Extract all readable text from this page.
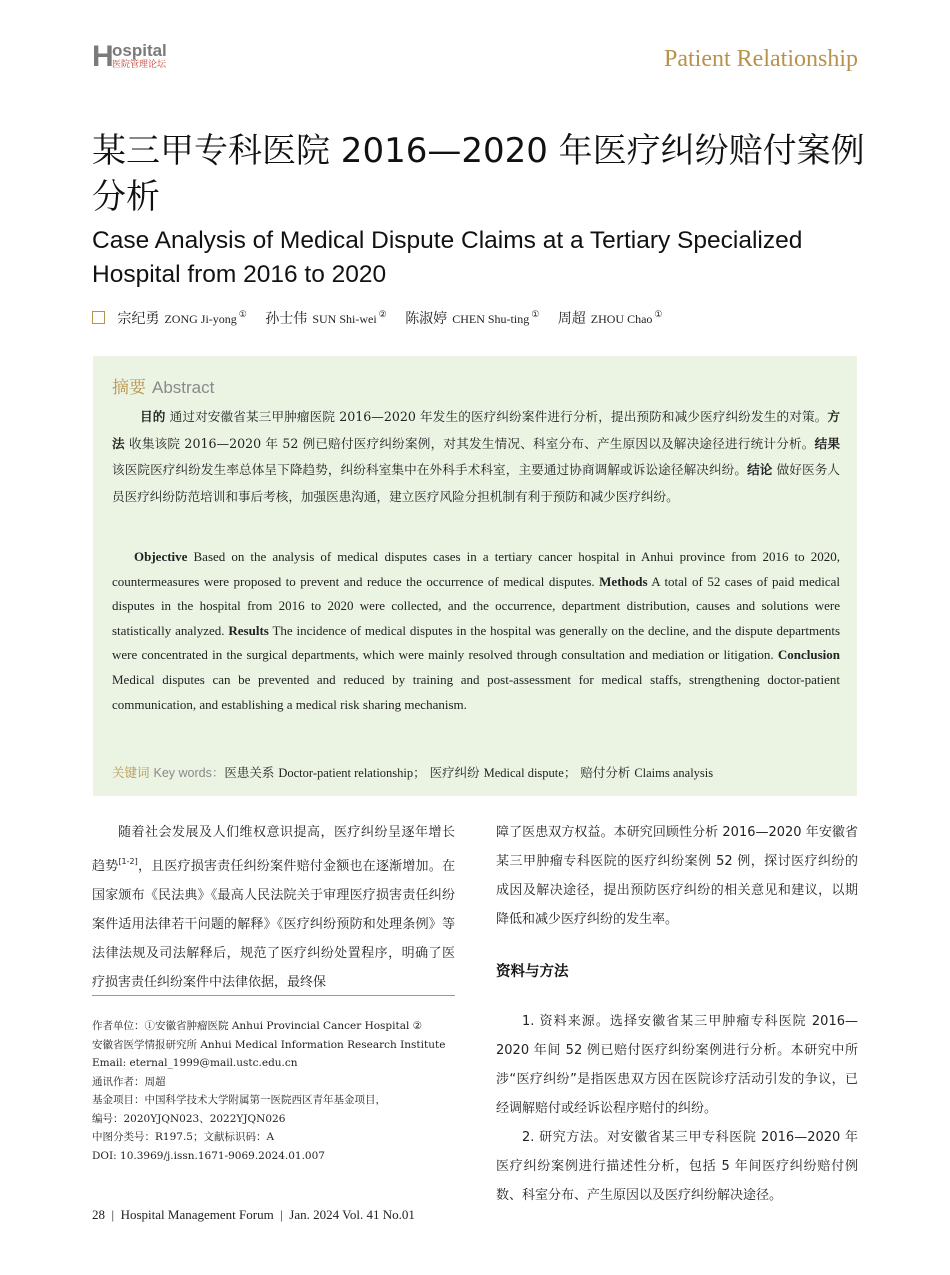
H
ospital
医院管理论坛	Patient Relationship
某三甲专科医院 2016—2020 年医疗纠纷赔付案例分析
Case Analysis of Medical Dispute Claims at a Tertiary Specialized Hospital from 2016 to 2020
宗纪勇 ZONG Ji-yong ① 孙士伟 SUN Shi-wei ② 陈淑婷 CHEN Shu-ting ① 周超 ZHOU Chao ①
摘要 Abstract
目的 通过对安徽省某三甲肿瘤医院 2016—2020 年发生的医疗纠纷案件进行分析，提出预防和减少医疗纠纷发生的对策。方法 收集该院 2016—2020 年 52 例已赔付医疗纠纷案例，对其发生情况、科室分布、产生原因以及解决途径进行统计分析。结果 该医院医疗纠纷发生率总体呈下降趋势，纠纷科室集中在外科手术科室，主要通过协商调解或诉讼途径解决纠纷。结论 做好医务人员医疗纠纷防范培训和事后考核，加强医患沟通，建立医疗风险分担机制有利于预防和减少医疗纠纷。
Objective Based on the analysis of medical disputes cases in a tertiary cancer hospital in Anhui province from 2016 to 2020, countermeasures were proposed to prevent and reduce the occurrence of medical disputes. Methods A total of 52 cases of paid medical disputes in the hospital from 2016 to 2020 were collected, and the occurrence, department distribution, causes and solutions were statistically analyzed. Results The incidence of medical disputes in the hospital was generally on the decline, and the dispute departments were concentrated in the surgical departments, which were mainly resolved through consultation and mediation or litigation. Conclusion Medical disputes can be prevented and reduced by training and post-assessment for medical staffs, strengthening doctor-patient communication, and establishing a medical risk sharing mechanism.
关键词 Key words：医患关系 Doctor-patient relationship； 医疗纠纷 Medical dispute； 赔付分析 Claims analysis

随着社会发展及人们维权意识提高，医疗纠纷呈逐年增长趋势[1-2]，且医疗损害责任纠纷案件赔付金额也在逐渐增加。在国家颁布《民法典》《最高人民法院关于审理医疗损害责任纠纷案件适用法律若干问题的解释》《医疗纠纷预防和处理条例》等法律法规及司法解释后，规范了医疗纠纷处置程序，明确了医疗损害责任纠纷案件中法律依据，最终保

作者单位：①安徽省肿瘤医院 Anhui Provincial Cancer Hospital ②
安徽省医学情报研究所 Anhui Medical Information Research Institute
Email: eternal_1999@mail.ustc.edu.cn
通讯作者：周超
基金项目：中国科学技术大学附属第一医院西区青年基金项目，
编号：2020YJQN023、2022YJQN026
中图分类号：R197.5；文献标识码：A
DOI: 10.3969/j.issn.1671-9069.2024.01.007

障了医患双方权益。本研究回顾性分析 2016—2020 年安徽省某三甲肿瘤专科医院的医疗纠纷案例 52 例，探讨医疗纠纷的成因及解决途径，提出预防医疗纠纷的相关意见和建议，以期降低和减少医疗纠纷的发生率。

资料与方法

1. 资料来源。选择安徽省某三甲肿瘤专科医院 2016—2020 年间 52 例已赔付医疗纠纷案例进行分析。本研究中所涉“医疗纠纷”是指医患双方因在医院诊疗活动引发的争议，已经调解赔付或经诉讼程序赔付的纠纷。

2. 研究方法。对安徽省某三甲专科医院 2016—2020 年医疗纠纷案例进行描述性分析，包括 5 年间医疗纠纷赔付例数、科室分布、产生原因以及医疗纠纷解决途径。

28  |  Hospital Management Forum  |  Jan. 2024 Vol. 41 No.01
